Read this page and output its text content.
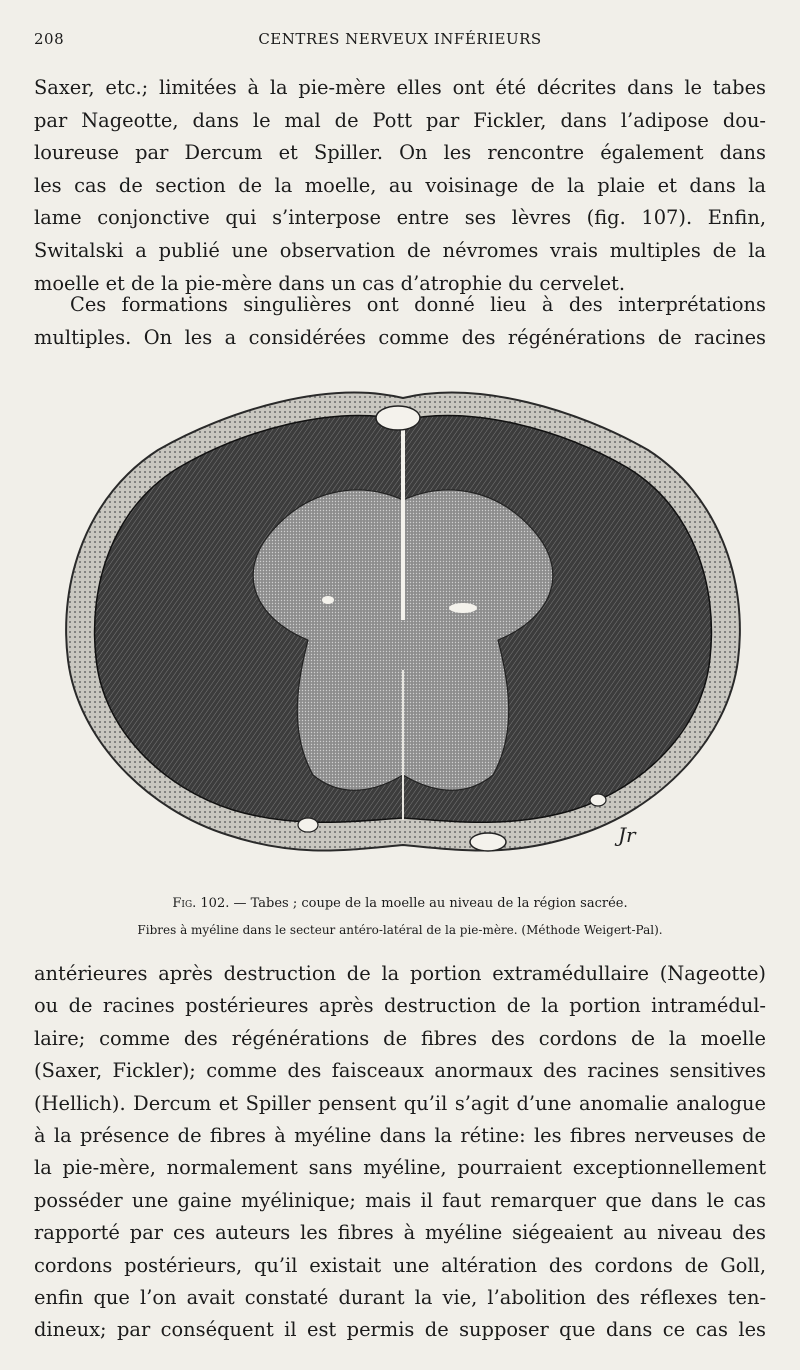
208	CENTRES NERVEUX INFÉRIEURS

Saxer, etc.; limitées à la pie-mère elles ont été décrites dans le tabes
par Nageotte, dans le mal de Pott par Fickler, dans l’adipose dou-
loureuse par Dercum et Spiller. On les rencontre également dans
les cas de section de la moelle, au voisinage de la plaie et dans la
lame conjonctive qui s’interpose entre ses lèvres (fig. 107). Enfin,
Switalski a publié une observation de névromes vrais multiples de la
moelle et de la pie-mère dans un cas d’atrophie du cervelet.

Ces formations singulières ont donné lieu à des interprétations
multiples. On les a considérées comme des régénérations de racines

Jr
Fig. 102. — Tabes ; coupe de la moelle au niveau de la région sacrée.
Fibres à myéline dans le secteur antéro-latéral de la pie-mère. (Méthode Weigert-Pal).

antérieures après destruction de la portion extramédullaire (Nageotte)
ou de racines postérieures après destruction de la portion intramédul-
laire; comme des régénérations de fibres des cordons de la moelle
(Saxer, Fickler); comme des faisceaux anormaux des racines sensitives
(Hellich). Dercum et Spiller pensent qu’il s’agit d’une anomalie analogue
à la présence de fibres à myéline dans la rétine: les fibres nerveuses de
la pie-mère, normalement sans myéline, pourraient exceptionnellement
posséder une gaine myélinique; mais il faut remarquer que dans le cas
rapporté par ces auteurs les fibres à myéline siégeaient au niveau des
cordons postérieurs, qu’il existait une altération des cordons de Goll,
enfin que l’on avait constaté durant la vie, l’abolition des réflexes ten-
dineux; par conséquent il est permis de supposer que dans ce cas les
